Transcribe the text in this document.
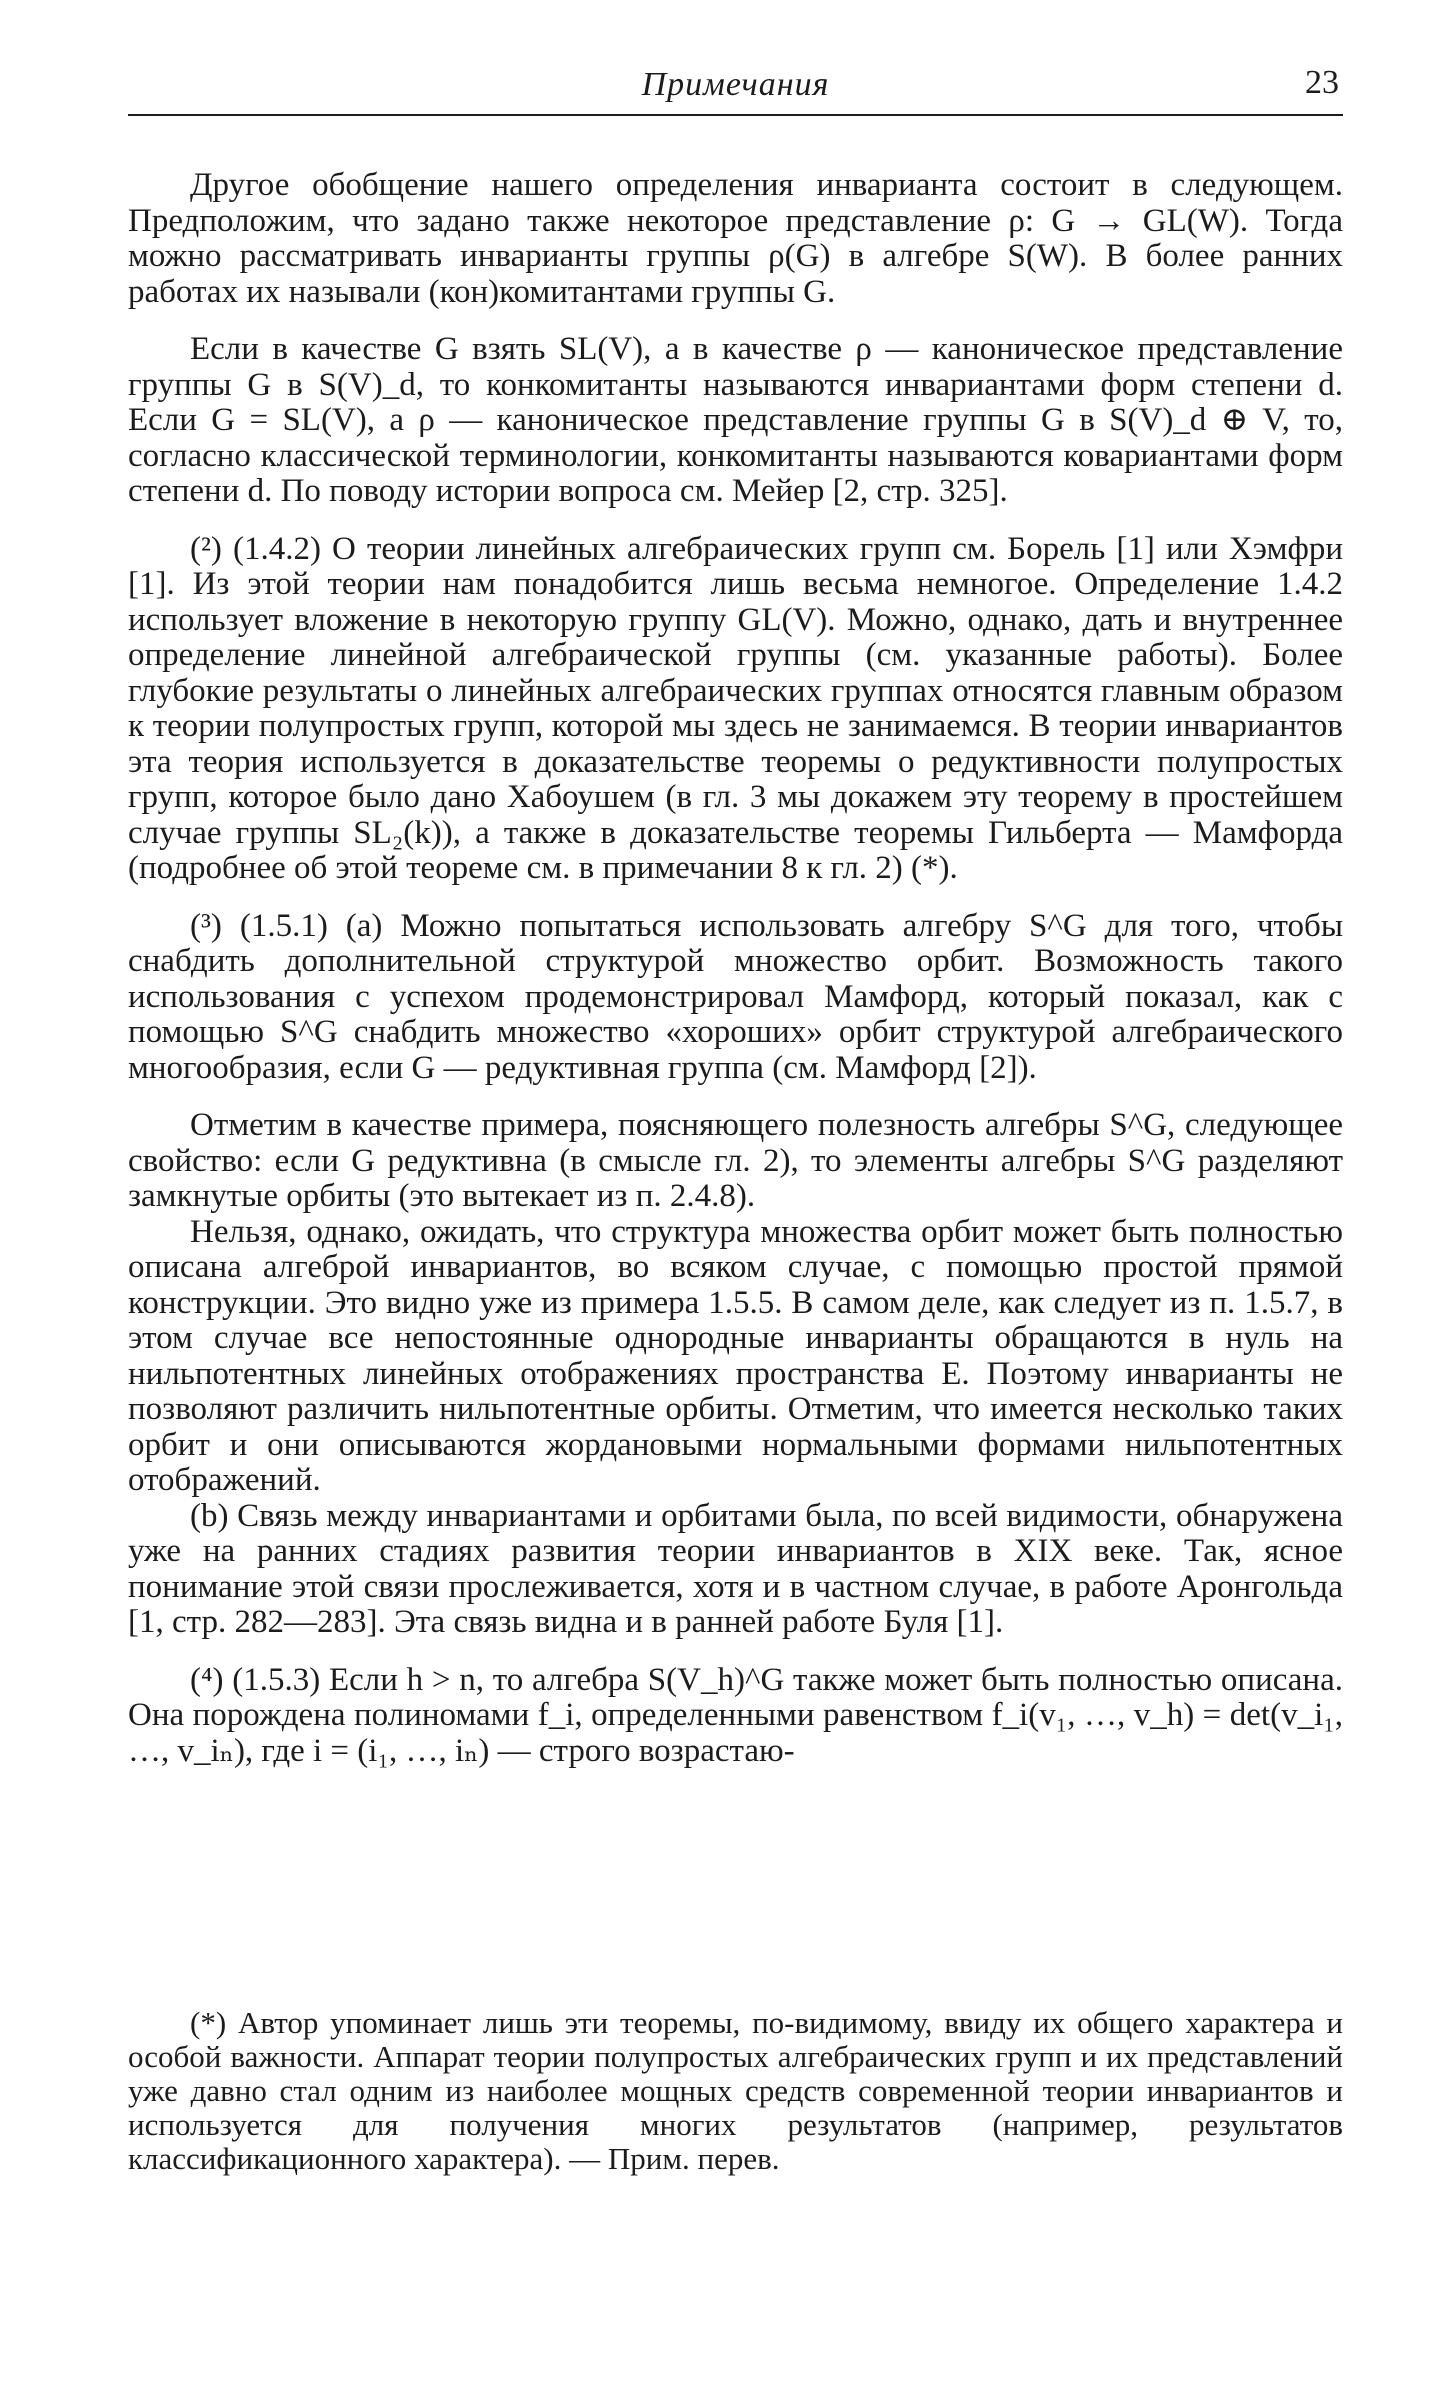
Примечания	23

Другое обобщение нашего определения инварианта состоит в следующем. Предположим, что задано также некоторое представление ρ: G → GL(W). Тогда можно рассматривать инварианты группы ρ(G) в алгебре S(W). В более ранних работах их называли (кон)комитантами группы G.

Если в качестве G взять SL(V), а в качестве ρ — каноническое представление группы G в S(V)_d, то конкомитанты называются инвариантами форм степени d. Если G = SL(V), а ρ — каноническое представление группы G в S(V)_d ⊕ V, то, согласно классической терминологии, конкомитанты называются ковариантами форм степени d. По поводу истории вопроса см. Мейер [2, стр. 325].

(²) (1.4.2) О теории линейных алгебраических групп см. Борель [1] или Хэмфри [1]. Из этой теории нам понадобится лишь весьма немногое. Определение 1.4.2 использует вложение в некоторую группу GL(V). Можно, однако, дать и внутреннее определение линейной алгебраической группы (см. указанные работы). Более глубокие результаты о линейных алгебраических группах относятся главным образом к теории полупростых групп, которой мы здесь не занимаемся. В теории инвариантов эта теория используется в доказательстве теоремы о редуктивности полупростых групп, которое было дано Хабоушем (в гл. 3 мы докажем эту теорему в простейшем случае группы SL₂(k)), а также в доказательстве теоремы Гильберта — Мамфорда (подробнее об этой теореме см. в примечании 8 к гл. 2) (*).

(³) (1.5.1) (а) Можно попытаться использовать алгебру S^G для того, чтобы снабдить дополнительной структурой множество орбит. Возможность такого использования с успехом продемонстрировал Мамфорд, который показал, как с помощью S^G снабдить множество «хороших» орбит структурой алгебраического многообразия, если G — редуктивная группа (см. Мамфорд [2]).

Отметим в качестве примера, поясняющего полезность алгебры S^G, следующее свойство: если G редуктивна (в смысле гл. 2), то элементы алгебры S^G разделяют замкнутые орбиты (это вытекает из п. 2.4.8).

Нельзя, однако, ожидать, что структура множества орбит может быть полностью описана алгеброй инвариантов, во всяком случае, с помощью простой прямой конструкции. Это видно уже из примера 1.5.5. В самом деле, как следует из п. 1.5.7, в этом случае все непостоянные однородные инварианты обращаются в нуль на нильпотентных линейных отображениях пространства E. Поэтому инварианты не позволяют различить нильпотентные орбиты. Отметим, что имеется несколько таких орбит и они описываются жордановыми нормальными формами нильпотентных отображений.

(b) Связь между инвариантами и орбитами была, по всей видимости, обнаружена уже на ранних стадиях развития теории инвариантов в XIX веке. Так, ясное понимание этой связи прослеживается, хотя и в частном случае, в работе Аронгольда [1, стр. 282—283]. Эта связь видна и в ранней работе Буля [1].

(⁴) (1.5.3) Если h > n, то алгебра S(V_h)^G также может быть полностью описана. Она порождена полиномами f_i, определенными равенством f_i(v₁, …, v_h) = det(v_i₁, …, v_iₙ), где i = (i₁, …, iₙ) — строго возрастаю-

(*) Автор упоминает лишь эти теоремы, по-видимому, ввиду их общего характера и особой важности. Аппарат теории полупростых алгебраических групп и их представлений уже давно стал одним из наиболее мощных средств современной теории инвариантов и используется для получения многих результатов (например, результатов классификационного характера). — Прим. перев.
